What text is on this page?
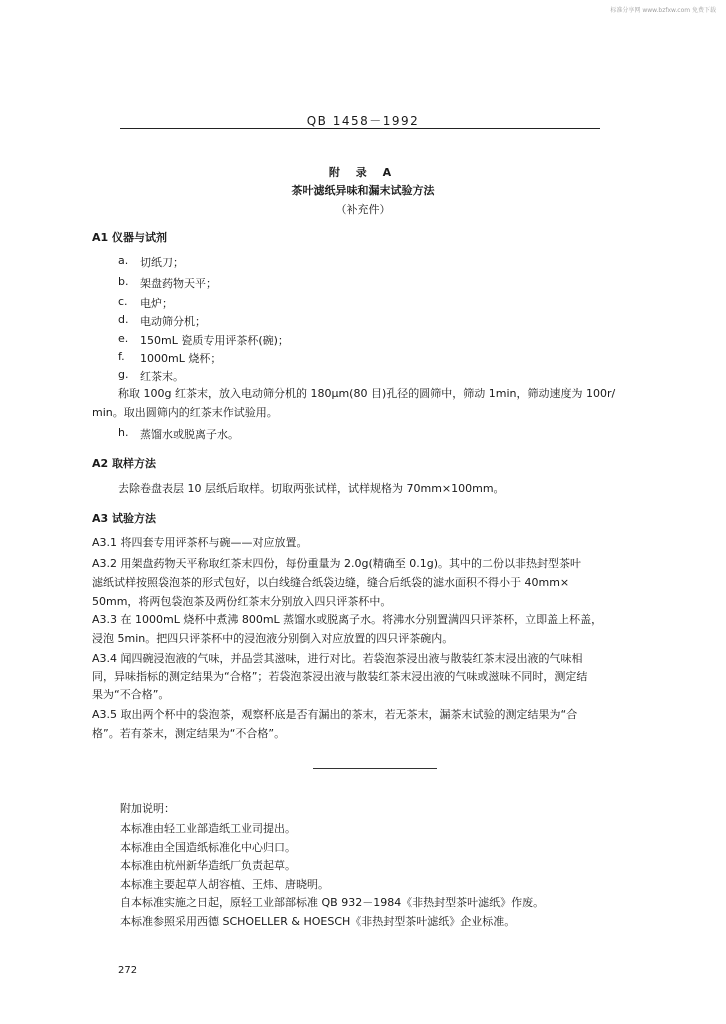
标准分享网 www.bzfxw.com 免费下载
QB 1458－1992
附 录 A
茶叶滤纸异味和漏末试验方法
（补充件）
A1 仪器与试剂
a. 切纸刀；
b. 架盘药物天平；
c. 电炉；
d. 电动筛分机；
e. 150mL 瓷质专用评茶杯(碗)；
f. 1000mL 烧杯；
g. 红茶末。
称取 100g 红茶末，放入电动筛分机的 180μm(80 目)孔径的圆筛中，筛动 1min，筛动速度为 100r/
min。取出圆筛内的红茶末作试验用。
h. 蒸馏水或脱离子水。
A2 取样方法
去除卷盘表层 10 层纸后取样。切取两张试样，试样规格为 70mm×100mm。
A3 试验方法
A3.1 将四套专用评茶杯与碗——对应放置。
A3.2 用架盘药物天平称取红茶末四份，每份重量为 2.0g(精确至 0.1g)。其中的二份以非热封型茶叶
滤纸试样按照袋泡茶的形式包好，以白线缝合纸袋边缝，缝合后纸袋的滤水面积不得小于 40mm×
50mm，将两包袋泡茶及两份红茶末分别放入四只评茶杯中。
A3.3 在 1000mL 烧杯中煮沸 800mL 蒸馏水或脱离子水。将沸水分别置满四只评茶杯，立即盖上杯盖，
浸泡 5min。把四只评茶杯中的浸泡液分别倒入对应放置的四只评茶碗内。
A3.4 闻四碗浸泡液的气味，并品尝其滋味，进行对比。若袋泡茶浸出液与散装红茶末浸出液的气味相
同，异味指标的测定结果为“合格”；若袋泡茶浸出液与散装红茶末浸出液的气味或滋味不同时，测定结
果为“不合格”。
A3.5 取出两个杯中的袋泡茶，观察杯底是否有漏出的茶末，若无茶末，漏茶末试验的测定结果为“合
格”。若有茶末，测定结果为“不合格”。
附加说明：
本标准由轻工业部造纸工业司提出。
本标准由全国造纸标准化中心归口。
本标准由杭州新华造纸厂负责起草。
本标准主要起草人胡容植、王炜、唐晓明。
自本标准实施之日起，原轻工业部部标准 QB 932－1984《非热封型茶叶滤纸》作废。
本标准参照采用西德 SCHOELLER & HOESCH《非热封型茶叶滤纸》企业标准。
272
